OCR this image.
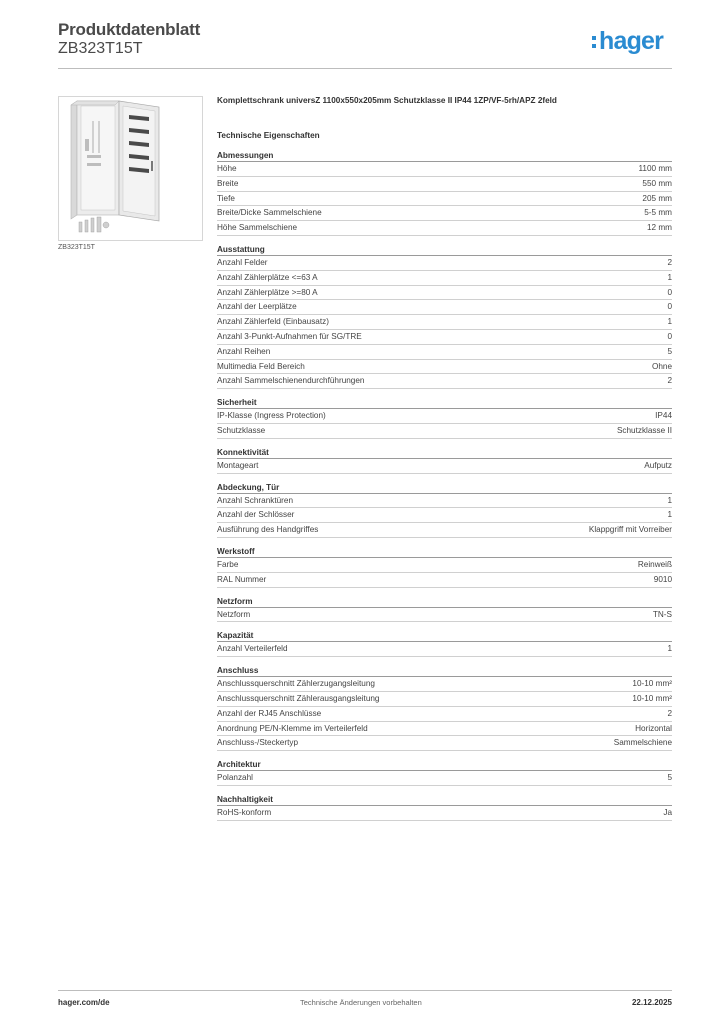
Produktdatenblatt
ZB323T15T	hager
ZB323T15T

Komplettschrank universZ 1100x550x205mm Schutzklasse II IP44 1ZP/VF-5rh/APZ 2feld

Technische Eigenschaften
Abmessungen
Höhe	1100 mm
Breite	550 mm
Tiefe	205 mm
Breite/Dicke Sammelschiene	5-5 mm
Höhe Sammelschiene	12 mm
Ausstattung
Anzahl Felder	2
Anzahl Zählerplätze <=63 A	1
Anzahl Zählerplätze >=80 A	0
Anzahl der Leerplätze	0
Anzahl Zählerfeld (Einbausatz)	1
Anzahl 3-Punkt-Aufnahmen für SG/TRE	0
Anzahl Reihen	5
Multimedia Feld Bereich	Ohne
Anzahl Sammelschienendurchführungen	2
Sicherheit
IP-Klasse (Ingress Protection)	IP44
Schutzklasse	Schutzklasse II
Konnektivität
Montageart	Aufputz
Abdeckung, Tür
Anzahl Schranktüren	1
Anzahl der Schlösser	1
Ausführung des Handgriffes	Klappgriff mit Vorreiber
Werkstoff
Farbe	Reinweiß
RAL Nummer	9010
Netzform
Netzform	TN-S
Kapazität
Anzahl Verteilerfeld	1
Anschluss
Anschlussquerschnitt Zählerzugangsleitung	10-10 mm²
Anschlussquerschnitt Zählerausgangsleitung	10-10 mm²
Anzahl der RJ45 Anschlüsse	2
Anordnung PE/N-Klemme im Verteilerfeld	Horizontal
Anschluss-/Steckertyp	Sammelschiene
Architektur
Polanzahl	5
Nachhaltigkeit
RoHS-konform	Ja
hager.com/de	Technische Änderungen vorbehalten	22.12.2025
